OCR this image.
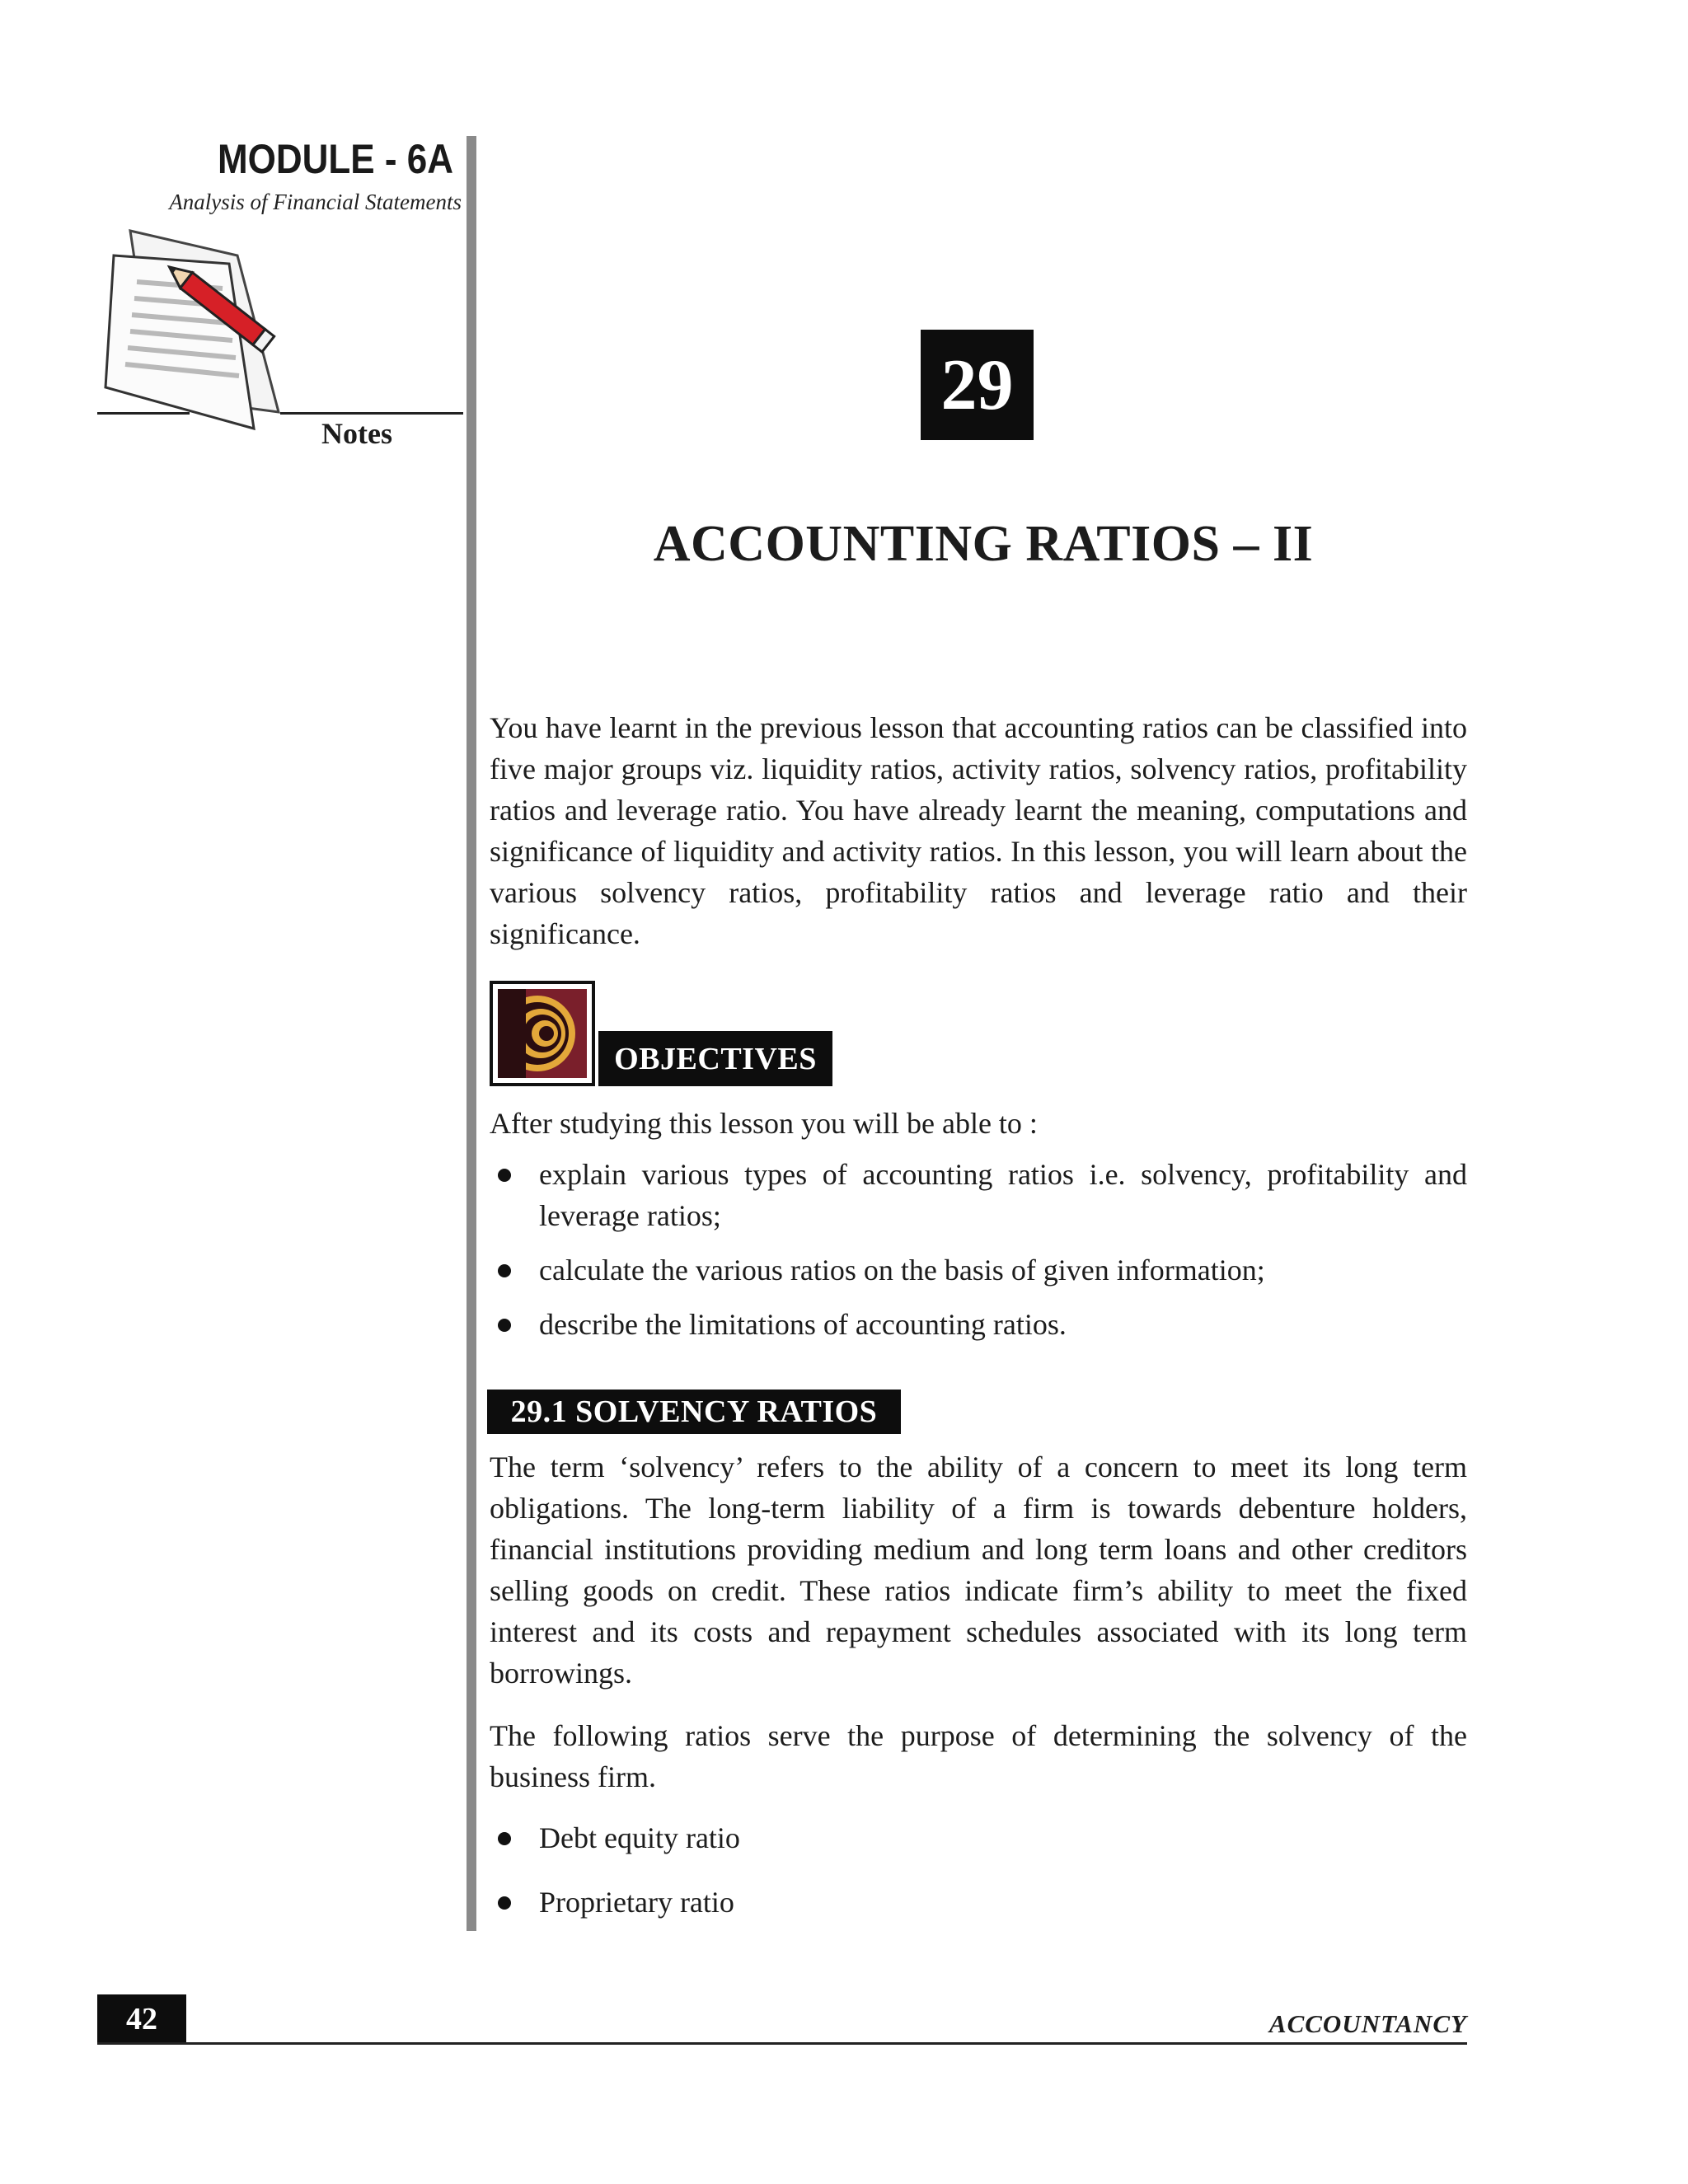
MODULE - 6A
Analysis of Financial Statements
Notes
29
ACCOUNTING RATIOS – II
You have learnt in the previous lesson that accounting ratios can be classified into five major groups viz. liquidity ratios, activity ratios, solvency ratios, profitability ratios and leverage ratio. You have already learnt the meaning, computations and significance of liquidity and activity ratios. In this lesson, you will learn about the various solvency ratios, profitability ratios and leverage ratio and their significance.
OBJECTIVES
After studying this lesson you will be able to :
explain various types of accounting ratios i.e. solvency, profitability and leverage ratios;
calculate the various ratios on the basis of given information;
describe the limitations of accounting ratios.
29.1 SOLVENCY RATIOS
The term ‘solvency’ refers to the ability of a concern to meet its long term obligations. The long-term liability of a firm is towards debenture holders, financial institutions providing medium and long term loans and other creditors selling goods on credit. These ratios indicate firm’s ability to meet the fixed interest and its costs and repayment schedules associated with its long term borrowings.
The following ratios serve the purpose of determining the solvency of the business firm.
Debt equity ratio
Proprietary ratio
42	ACCOUNTANCY
